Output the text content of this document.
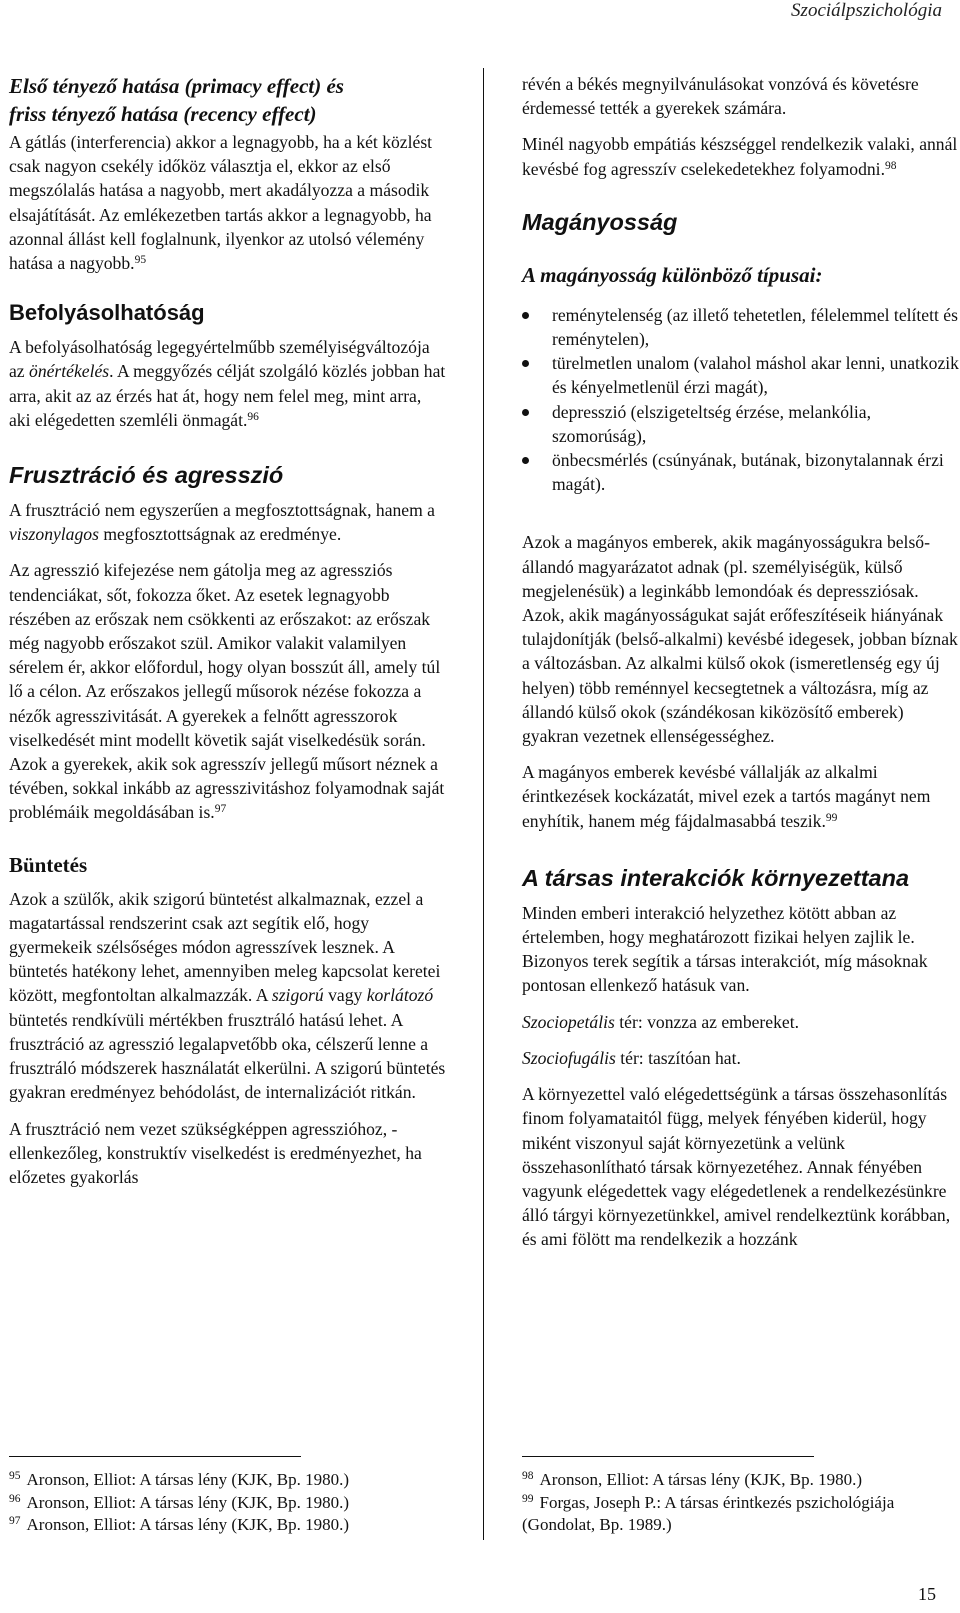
Szociálpszichológia
Első tényező hatása (primacy effect) és
friss tényező hatása (recency effect)

A gátlás (interferencia) akkor a legnagyobb, ha a két közlést csak nagyon csekély időköz választja el, ekkor az első megszólalás hatása a nagyobb, mert akadályozza a második elsajátítását. Az emlékezetben tartás akkor a legnagyobb, ha azonnal állást kell foglalnunk, ilyenkor az utolsó vélemény hatása a nagyobb.$^{95}$

Befolyásolhatóság

A befolyásolhatóság legegyértelműbb személyiségváltozója az önértékelés. A meggyőzés célját szolgáló közlés jobban hat arra, akit az az érzés hat át, hogy nem felel meg, mint arra, aki elégedetten szemléli önmagát.$^{96}$

Frusztráció és agresszió

A frusztráció nem egyszerűen a megfosztottságnak, hanem a viszonylagos megfosztottságnak az eredménye.

Az agresszió kifejezése nem gátolja meg az agressziós tendenciákat, sőt, fokozza őket. Az esetek legnagyobb részében az erőszak nem csökkenti az erőszakot: az erőszak még nagyobb erőszakot szül. Amikor valakit valamilyen sérelem ér, akkor előfordul, hogy olyan bosszút áll, amely túl lő a célon. Az erőszakos jellegű műsorok nézése fokozza a nézők agresszivitását. A gyerekek a felnőtt agresszorok viselkedését mint modellt követik saját viselkedésük során. Azok a gyerekek, akik sok agresszív jellegű műsort néznek a tévében, sokkal inkább az agresszivitáshoz folyamodnak saját problémáik megoldásában is.$^{97}$

Büntetés

Azok a szülők, akik szigorú büntetést alkalmaznak, ezzel a magatartással rendszerint csak azt segítik elő, hogy gyermekeik szélsőséges módon agresszívek lesznek. A büntetés hatékony lehet, amennyiben meleg kapcsolat keretei között, megfontoltan alkalmazzák. A szigorú vagy korlátozó büntetés rendkívüli mértékben frusztráló hatású lehet. A frusztráció az agresszió legalapvetőbb oka, célszerű lenne a frusztráló módszerek használatát elkerülni. A szigorú büntetés gyakran eredményez behódolást, de internalizációt ritkán.

A frusztráció nem vezet szükségképpen agresszióhoz, - ellenkezőleg, konstruktív viselkedést is eredményezhet, ha előzetes gyakorlás

$^{95}$ Aronson, Elliot: A társas lény (KJK, Bp. 1980.)
$^{96}$ Aronson, Elliot: A társas lény (KJK, Bp. 1980.)
$^{97}$ Aronson, Elliot: A társas lény (KJK, Bp. 1980.)

révén a békés megnyilvánulásokat vonzóvá és követésre érdemessé tették a gyerekek számára.

Minél nagyobb empátiás készséggel rendelkezik valaki, annál kevésbé fog agresszív cselekedetekhez folyamodni.$^{98}$

Magányosság
A magányosság különböző típusai:
reménytelenség (az illető tehetetlen, félelemmel telített és reménytelen),
türelmetlen unalom (valahol máshol akar lenni, unatkozik és kényelmetlenül érzi magát),
depresszió (elszigeteltség érzése, melankólia, szomorúság),
önbecsmérlés (csúnyának, butának, bizonytalannak érzi magát).

Azok a magányos emberek, akik magányosságukra belső-állandó magyarázatot adnak (pl. személyiségük, külső megjelenésük) a leginkább lemondóak és depressziósak. Azok, akik magányosságukat saját erőfeszítéseik hiányának tulajdonítják (belső-alkalmi) kevésbé idegesek, jobban bíznak a változásban. Az alkalmi külső okok (ismeretlenség egy új helyen) több reménnyel kecsegtetnek a változásra, míg az állandó külső okok (szándékosan kiközösítő emberek) gyakran vezetnek ellenségességhez.

A magányos emberek kevésbé vállalják az alkalmi érintkezések kockázatát, mivel ezek a tartós magányt nem enyhítik, hanem még fájdalmasabbá teszik.$^{99}$

A társas interakciók környezettana

Minden emberi interakció helyzethez kötött abban az értelemben, hogy meghatározott fizikai helyen zajlik le. Bizonyos terek segítik a társas interakciót, míg másoknak pontosan ellenkező hatásuk van.

Szociopetális tér: vonzza az embereket.

Szociofugális tér: taszítóan hat.

A környezettel való elégedettségünk a társas összehasonlítás finom folyamataitól függ, melyek fényében kiderül, hogy miként viszonyul saját környezetünk a velünk összehasonlítható társak környezetéhez. Annak fényében vagyunk elégedettek vagy elégedetlenek a rendelkezésünkre álló tárgyi környezetünkkel, amivel rendelkeztünk korábban, és ami fölött ma rendelkezik a hozzánk

$^{98}$ Aronson, Elliot: A társas lény (KJK, Bp. 1980.)
$^{99}$ Forgas, Joseph P.: A társas érintkezés pszichológiája (Gondolat, Bp. 1989.)
15
